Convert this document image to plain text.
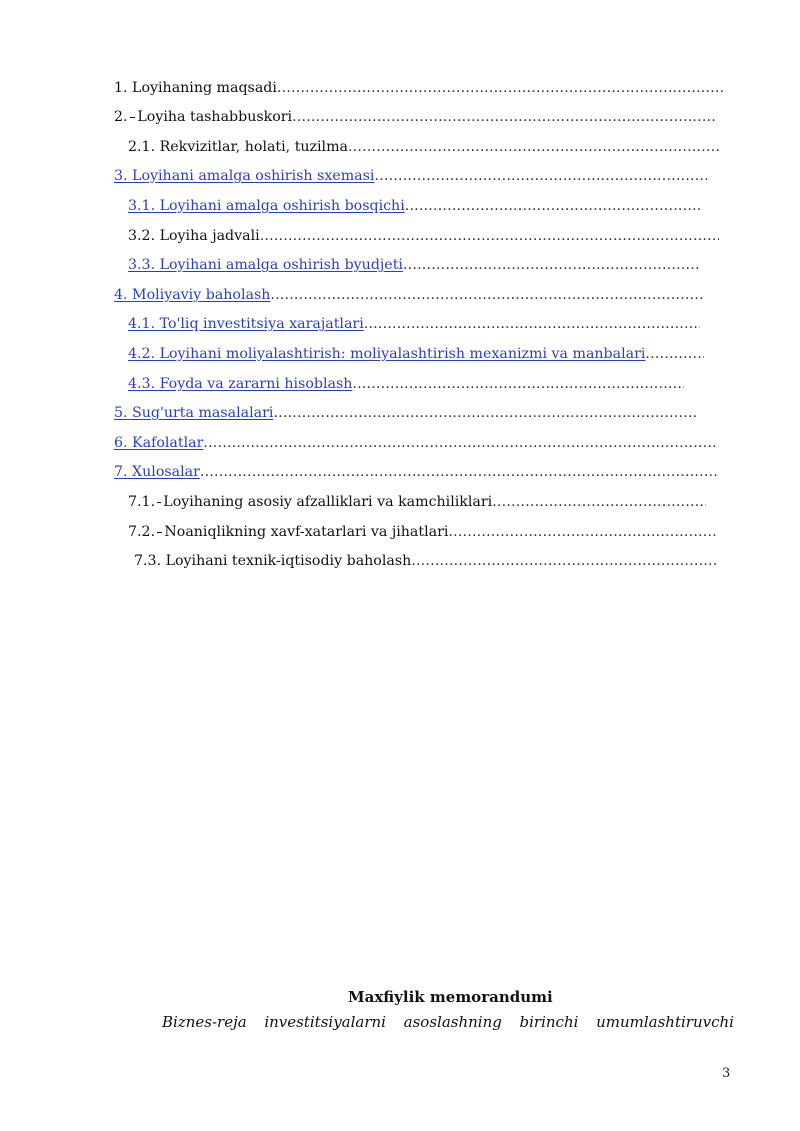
1. Loyihaning maqsadi
.....
2. Loyiha tashabbuskori
.....
2.1. Rekvizitlar, holati, tuzilma
.....
3. Loyihani amalga oshirish sxemasi
.....
3.1. Loyihani amalga oshirish bosqichi
.....
3.2. Loyiha jadvali
.....
3.3. Loyihani amalga oshirish byudjeti
.....
4. Moliyaviy baholash
.....
4.1. To'liq investitsiya xarajatlari
.....
4.2. Loyihani moliyalashtirish: moliyalashtirish mexanizmi va manbalari
.....
4.3. Foyda va zararni hisoblash
.....
5. Sug'urta masalalari
.....
6. Kafolatlar
.....
7. Xulosalar
.....
7.1. Loyihaning asosiy afzalliklari va kamchiliklari
.....
7.2. Noaniqlikning xavf-xatarlari va jihatlari
.....
7.3. Loyihani texnik-iqtisodiy baholash
.....
Maxfiylik memorandumi
Biznes-reja investitsiyalarni asoslashning birinchi umumlashtiruvchi
3
